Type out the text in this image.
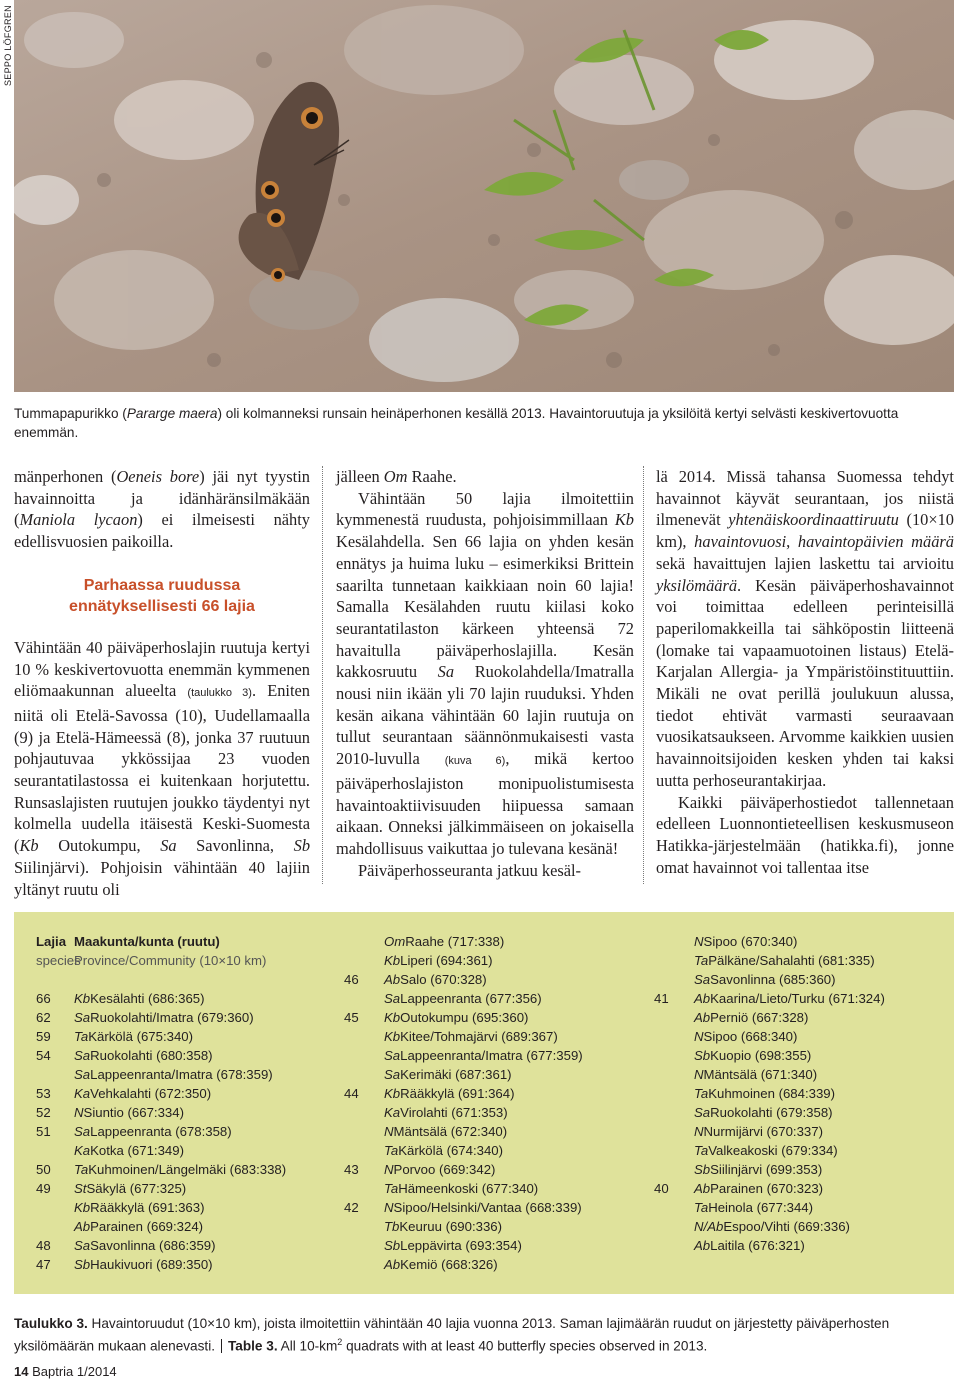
SEPPO LÖFGREN
Tummapapurikko (Pararge maera) oli kolmanneksi runsain heinäperhonen kesällä 2013. Havaintoruutuja ja yksilöitä kertyi selvästi keskivertovuotta enemmän.

mänperhonen (Oeneis bore) jäi nyt tyystin havainnoitta ja idänhäränsilmäkään (Maniola lycaon) ei ilmeisesti nähty edellisvuosien paikoilla.

Parhaassa ruudussa
ennätyksellisesti 66 lajia

Vähintään 40 päiväperhoslajin ruutuja kertyi 10 % keskivertovuotta enemmän kymmenen eliömaakunnan alueelta (taulukko 3). Eniten niitä oli Etelä-Savossa (10), Uudellamaalla (9) ja Etelä-Hämeessä (8), jonka 37 ruutuun pohjautuvaa ykkössijaa 23 vuoden seurantatilastossa ei kuitenkaan horjutettu. Runsaslajisten ruutujen joukko täydentyi nyt kolmella uudella itäisestä Keski-Suomesta (Kb Outokumpu, Sa Savonlinna, Sb Siilinjärvi). Pohjoisin vähintään 40 lajiin yltänyt ruutu oli

jälleen Om Raahe.

Vähintään 50 lajia ilmoitettiin kymmenestä ruudusta, pohjoisimmillaan Kb Kesälahdella. Sen 66 lajia on yhden kesän ennätys ja huima luku – esimerkiksi Brittein saarilta tunnetaan kaikkiaan noin 60 lajia! Samalla Kesälahden ruutu kiilasi koko seurantatilaston kärkeen yhteensä 72 havaitulla päiväperhoslajilla. Kesän kakkosruutu Sa Ruokolahdella/Imatralla nousi niin ikään yli 70 lajin ruuduksi. Yhden kesän aikana vähintään 60 lajin ruutuja on tullut seurantaan säännönmukaisesti vasta 2010-luvulla (kuva 6), mikä kertoo päiväperhoslajiston monipuolistumisesta havaintoaktiivisuuden hiipuessa samaan aikaan. Onneksi jälkimmäiseen on jokaisella mahdollisuus vaikuttaa jo tulevana kesänä!

Päiväperhosseuranta jatkuu kesäl-

lä 2014. Missä tahansa Suomessa tehdyt havainnot käyvät seurantaan, jos niistä ilmenevät yhtenäiskoordinaattiruutu (10×10 km), havaintovuosi, havaintopäivien määrä sekä havaittujen lajien laskettu tai arvioitu yksilömäärä. Kesän päiväperhoshavainnot voi toimittaa edelleen perinteisillä paperilomakkeilla tai sähköpostin liitteenä (lomake tai vapaamuotoinen listaus) Etelä-Karjalan Allergia- ja Ympäristöinstituuttiin. Mikäli ne ovat perillä joulukuun alussa, tiedot ehtivät varmasti seuraavaan vuosikatsaukseen. Arvomme kaikkien uusien havainnoitsijoiden kesken yhden tai kaksi uutta perhoseurantakirjaa.

Kaikki päiväperhostiedot tallennetaan edelleen Luonnontieteellisen keskusmuseon Hatikka-järjestelmään (hatikka.fi), jonne omat havainnot voi tallentaa itse

Lajia Maakunta/kunta (ruutu)
species
Province/Community (10×10 km)
66	Kb Kesälahti (686:365)
62	Sa Ruokolahti/Imatra (679:360)
59	Ta Kärkölä (675:340)
54	Sa Ruokolahti (680:358)
Sa Lappeenranta/Imatra (678:359)
53	Ka Vehkalahti (672:350)
52	N Siuntio (667:334)
51	Sa Lappeenranta (678:358)
Ka Kotka (671:349)
50	Ta Kuhmoinen/Längelmäki (683:338)
49	St Säkylä (677:325)
Kb Rääkkylä (691:363)
Ab Parainen (669:324)
48	Sa Savonlinna (686:359)
47	Sb Haukivuori (689:350)
Om Raahe (717:338)
Kb Liperi (694:361)
46	Ab Salo (670:328)
Sa Lappeenranta (677:356)
45	Kb Outokumpu (695:360)
Kb Kitee/Tohmajärvi (689:367)
Sa Lappeenranta/Imatra (677:359)
Sa Kerimäki (687:361)
44	Kb Rääkkylä (691:364)
Ka Virolahti (671:353)
N Mäntsälä (672:340)
Ta Kärkölä (674:340)
43	N Porvoo (669:342)
Ta Hämeenkoski (677:340)
42	N Sipoo/Helsinki/Vantaa (668:339)
Tb Keuruu (690:336)
Sb Leppävirta (693:354)
Ab Kemiö (668:326)
N Sipoo (670:340)
Ta Pälkäne/Sahalahti (681:335)
Sa Savonlinna (685:360)
41	Ab Kaarina/Lieto/Turku (671:324)
Ab Perniö (667:328)
N Sipoo (668:340)
Sb Kuopio (698:355)
N Mäntsälä (671:340)
Ta Kuhmoinen (684:339)
Sa Ruokolahti (679:358)
N Nurmijärvi (670:337)
Ta Valkeakoski (679:334)
Sb Siilinjärvi (699:353)
40	Ab Parainen (670:323)
Ta Heinola (677:344)
N/Ab Espoo/Vihti (669:336)
Ab Laitila (676:321)
Taulukko 3. Havaintoruudut (10×10 km), joista ilmoitettiin vähintään 40 lajia vuonna 2013. Saman lajimäärän ruudut on järjestetty päiväperhosten yksilömäärän mukaan alenevasti. Table 3. All $10-km^2$ quadrats with at least 40 butterfly species observed in 2013.
14 Baptria 1/2014
